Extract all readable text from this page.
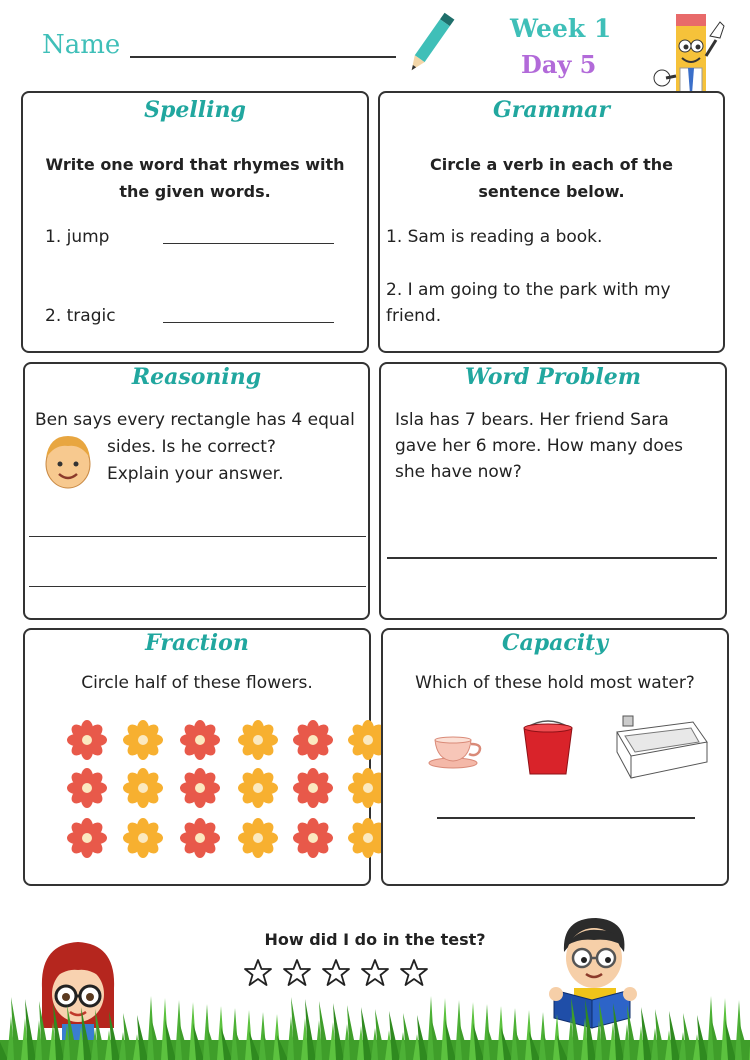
Name
Week 1
Day 5
Spelling
Write one word that rhymes with the given words.
1. jump
2. tragic
Grammar
Circle a verb in each of the sentence below.
1. Sam is reading a book.
2. I am going to the park with my friend.
Reasoning
Ben says every rectangle has 4 equal
sides. Is he correct?
Explain your answer.
Word Problem
Isla has 7 bears. Her friend Sara gave her 6 more. How many does she have now?
Fraction
Circle half of these flowers.
Capacity
Which of these hold most water?
How did I do in the test?
